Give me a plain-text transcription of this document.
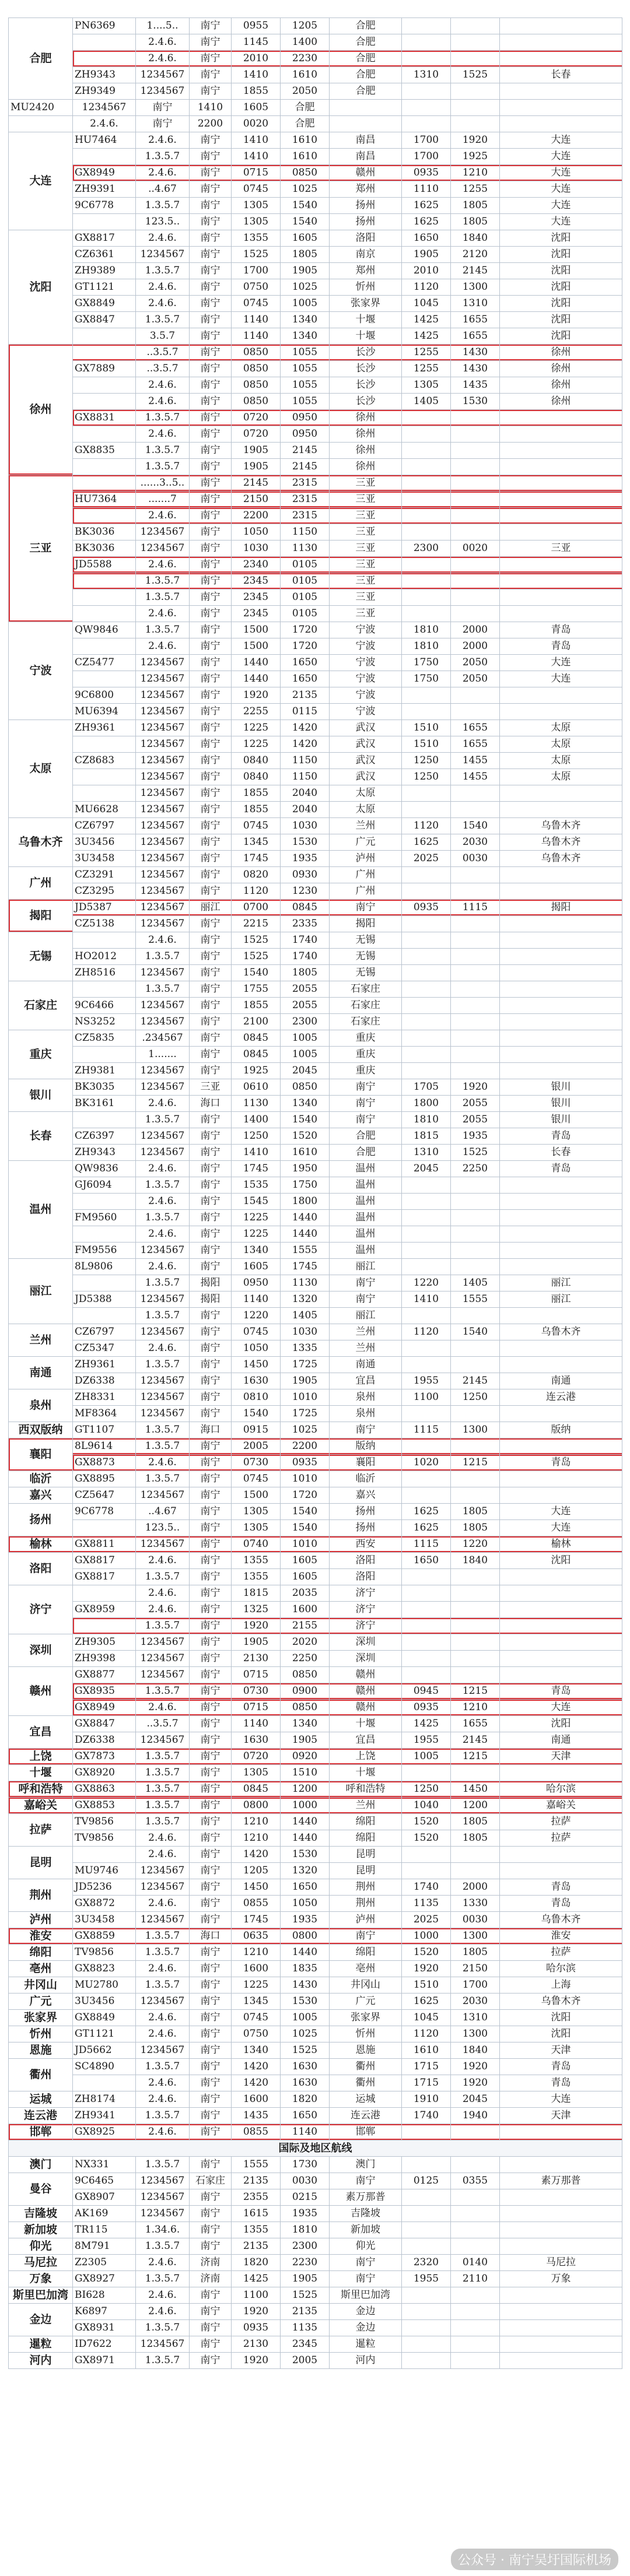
合肥	PN6369	1....5..	南宁	0955	1205	合肥				
		2.4.6.	南宁	1145	1400	合肥				
		2.4.6.	南宁	2010	2230	合肥				
	ZH9343	1234567	南宁	1410	1610	合肥	1310	1525	长春	
	ZH9349	1234567	南宁	1855	2050	合肥				
MU2420	1234567	南宁	1410	1605	合肥					
	2.4.6.	南宁	2200	0020	合肥					
大连	HU7464	2.4.6.	南宁	1410	1610	南昌	1700	1920	大连	
		1.3.5.7	南宁	1410	1610	南昌	1700	1925	大连	
	GX8949	2.4.6.	南宁	0715	0850	赣州	0935	1210	大连	
	ZH9391	..4.67	南宁	0745	1025	郑州	1110	1255	大连	
	9C6778	1.3.5.7	南宁	1305	1540	扬州	1625	1805	大连	
		123.5..	南宁	1305	1540	扬州	1625	1805	大连	
沈阳	GX8817	2.4.6.	南宁	1355	1605	洛阳	1650	1840	沈阳	
	CZ6361	1234567	南宁	1525	1805	南京	1905	2120	沈阳	
	ZH9389	1.3.5.7	南宁	1700	1905	郑州	2010	2145	沈阳	
	GT1121	2.4.6.	南宁	0750	1025	忻州	1120	1300	沈阳	
	GX8849	2.4.6.	南宁	0745	1005	张家界	1045	1310	沈阳	
	GX8847	1.3.5.7	南宁	1140	1340	十堰	1425	1655	沈阳	
		3.5.7	南宁	1140	1340	十堰	1425	1655	沈阳	
徐州		..3.5.7	南宁	0850	1055	长沙	1255	1430	徐州	
	GX7889	..3.5.7	南宁	0850	1055	长沙	1255	1430	徐州	
		2.4.6.	南宁	0850	1055	长沙	1305	1435	徐州	
		2.4.6.	南宁	0850	1055	长沙	1405	1530	徐州	
	GX8831	1.3.5.7	南宁	0720	0950	徐州				
		2.4.6.	南宁	0720	0950	徐州				
	GX8835	1.3.5.7	南宁	1905	2145	徐州				
		1.3.5.7	南宁	1905	2145	徐州				
三亚		......3..5..	南宁	2145	2315	三亚				
	HU7364	.......7	南宁	2150	2315	三亚				
		2.4.6.	南宁	2200	2315	三亚				
	BK3036	1234567	南宁	1050	1150	三亚				
	BK3036	1234567	南宁	1030	1130	三亚	2300	0020	三亚	
	JD5588	2.4.6.	南宁	2340	0105	三亚				
		1.3.5.7	南宁	2345	0105	三亚				
		1.3.5.7	南宁	2345	0105	三亚				
		2.4.6.	南宁	2345	0105	三亚				
宁波	QW9846	1.3.5.7	南宁	1500	1720	宁波	1810	2000	青岛	
		2.4.6.	南宁	1500	1720	宁波	1810	2000	青岛	
	CZ5477	1234567	南宁	1440	1650	宁波	1750	2050	大连	
		1234567	南宁	1440	1650	宁波	1750	2050	大连	
	9C6800	1234567	南宁	1920	2135	宁波				
	MU6394	1234567	南宁	2255	0115	宁波				
太原	ZH9361	1234567	南宁	1225	1420	武汉	1510	1655	太原	
		1234567	南宁	1225	1420	武汉	1510	1655	太原	
	CZ8683	1234567	南宁	0840	1150	武汉	1250	1455	太原	
		1234567	南宁	0840	1150	武汉	1250	1455	太原	
		1234567	南宁	1855	2040	太原				
	MU6628	1234567	南宁	1855	2040	太原				
乌鲁木齐	CZ6797	1234567	南宁	0745	1030	兰州	1120	1540	乌鲁木齐	
	3U3456	1234567	南宁	1345	1530	广元	1625	2030	乌鲁木齐	
	3U3458	1234567	南宁	1745	1935	泸州	2025	0030	乌鲁木齐	
广州	CZ3291	1234567	南宁	0820	0930	广州				
	CZ3295	1234567	南宁	1120	1230	广州				
揭阳	JD5387	1234567	丽江	0700	0845	南宁	0935	1115	揭阳	
	CZ5138	1234567	南宁	2215	2335	揭阳				
无锡		2.4.6.	南宁	1525	1740	无锡				
	HO2012	1.3.5.7	南宁	1525	1740	无锡				
	ZH8516	1234567	南宁	1540	1805	无锡				
石家庄		1.3.5.7	南宁	1755	2055	石家庄				
	9C6466	1234567	南宁	1855	2055	石家庄				
	NS3252	1234567	南宁	2100	2300	石家庄				
重庆	CZ5835	.234567	南宁	0845	1005	重庆				
		1.......	南宁	0845	1005	重庆				
	ZH9381	1234567	南宁	1925	2045	重庆				
银川	BK3035	1234567	三亚	0610	0850	南宁	1705	1920	银川	
	BK3161	2.4.6.	海口	1130	1340	南宁	1800	2055	银川	
长春		1.3.5.7	南宁	1400	1540	南宁	1810	2055	银川	
	CZ6397	1234567	南宁	1250	1520	合肥	1815	1935	青岛	
	ZH9343	1234567	南宁	1410	1610	合肥	1310	1525	长春	
温州	QW9836	2.4.6.	南宁	1745	1950	温州	2045	2250	青岛	
	GJ6094	1.3.5.7	南宁	1535	1750	温州				
		2.4.6.	南宁	1545	1800	温州				
	FM9560	1.3.5.7	南宁	1225	1440	温州				
		2.4.6.	南宁	1225	1440	温州				
	FM9556	1234567	南宁	1340	1555	温州				
丽江	8L9806	2.4.6.	南宁	1605	1745	丽江				
		1.3.5.7	揭阳	0950	1130	南宁	1220	1405	丽江	
	JD5388	1234567	揭阳	1140	1320	南宁	1410	1555	丽江	
		1.3.5.7	南宁	1220	1405	丽江				
兰州	CZ6797	1234567	南宁	0745	1030	兰州	1120	1540	乌鲁木齐	
	CZ5347	2.4.6.	南宁	1050	1335	兰州				
南通	ZH9361	1.3.5.7	南宁	1450	1725	南通				
	DZ6338	1234567	南宁	1630	1905	宜昌	1955	2145	南通	
泉州	ZH8331	1234567	南宁	0810	1010	泉州	1100	1250	连云港	
	MF8364	1234567	南宁	1540	1725	泉州				
西双版纳	GT1107	1.3.5.7	海口	0915	1025	南宁	1115	1300	版纳	
襄阳	8L9614	1.3.5.7	南宁	2005	2200	版纳				
	GX8873	2.4.6.	南宁	0730	0935	襄阳	1020	1215	青岛	
临沂	GX8895	1.3.5.7	南宁	0745	1010	临沂				
嘉兴	CZ5647	1234567	南宁	1500	1720	嘉兴				
扬州	9C6778	..4.67	南宁	1305	1540	扬州	1625	1805	大连	
		123.5..	南宁	1305	1540	扬州	1625	1805	大连	
榆林	GX8811	1234567	南宁	0740	1010	西安	1115	1220	榆林	
洛阳	GX8817	2.4.6.	南宁	1355	1605	洛阳	1650	1840	沈阳	
	GX8817	1.3.5.7	南宁	1355	1605	洛阳				
济宁		2.4.6.	南宁	1815	2035	济宁				
	GX8959	2.4.6.	南宁	1325	1600	济宁				
		1.3.5.7	南宁	1920	2155	济宁				
深圳	ZH9305	1234567	南宁	1905	2020	深圳				
	ZH9398	1234567	南宁	2130	2250	深圳				
赣州	GX8877	1234567	南宁	0715	0850	赣州				
	GX8935	1.3.5.7	南宁	0730	0900	赣州	0945	1215	青岛	
	GX8949	2.4.6.	南宁	0715	0850	赣州	0935	1210	大连	
宜昌	GX8847	..3.5.7	南宁	1140	1340	十堰	1425	1655	沈阳	
	DZ6338	1234567	南宁	1630	1905	宜昌	1955	2145	南通	
上饶	GX7873	1.3.5.7	南宁	0720	0920	上饶	1005	1215	天津	
十堰	GX8920	1.3.5.7	南宁	1305	1510	十堰				
呼和浩特	GX8863	1.3.5.7	南宁	0845	1200	呼和浩特	1250	1450	哈尔滨	
嘉峪关	GX8853	1.3.5.7	南宁	0800	1000	兰州	1040	1200	嘉峪关	
拉萨	TV9856	1.3.5.7	南宁	1210	1440	绵阳	1520	1805	拉萨	
	TV9856	2.4.6.	南宁	1210	1440	绵阳	1520	1805	拉萨	
昆明		2.4.6.	南宁	1420	1530	昆明				
	MU9746	1234567	南宁	1205	1320	昆明				
荆州	JD5236	1234567	南宁	1450	1650	荆州	1740	2000	青岛	
	GX8872	2.4.6.	南宁	0855	1050	荆州	1135	1330	青岛	
泸州	3U3458	1234567	南宁	1745	1935	泸州	2025	0030	乌鲁木齐	
淮安	GX8859	1.3.5.7	海口	0635	0800	南宁	1000	1300	淮安	
绵阳	TV9856	1.3.5.7	南宁	1210	1440	绵阳	1520	1805	拉萨	
亳州	GX8823	2.4.6.	南宁	1600	1835	亳州	1920	2150	哈尔滨	
井冈山	MU2780	1.3.5.7	南宁	1225	1430	井冈山	1510	1700	上海	
广元	3U3456	1234567	南宁	1345	1530	广元	1625	2030	乌鲁木齐	
张家界	GX8849	2.4.6.	南宁	0745	1005	张家界	1045	1310	沈阳	
忻州	GT1121	2.4.6.	南宁	0750	1025	忻州	1120	1300	沈阳	
恩施	JD5662	1234567	南宁	1340	1525	恩施	1610	1840	天津	
衢州	SC4890	1.3.5.7	南宁	1420	1630	衢州	1715	1920	青岛	
		2.4.6.	南宁	1420	1630	衢州	1715	1920	青岛	
运城	ZH8174	2.4.6.	南宁	1600	1820	运城	1910	2045	大连	
连云港	ZH9341	1.3.5.7	南宁	1435	1650	连云港	1740	1940	天津	
邯郸	GX8925	2.4.6.	南宁	0855	1140	邯郸				
国际及地区航线										
澳门	NX331	1.3.5.7	南宁	1555	1730	澳门				
曼谷	9C6465	1234567	石家庄	2135	0030	南宁	0125	0355	素万那普	
	GX8907	1234567	南宁	2355	0215	素万那普				
吉隆坡	AK169	1234567	南宁	1615	1935	吉隆坡				
新加坡	TR115	1.34.6.	南宁	1355	1810	新加坡				
仰光	8M791	1.3.5.7	南宁	2135	2300	仰光				
马尼拉	Z2305	2.4.6.	济南	1820	2230	南宁	2320	0140	马尼拉	
万象	GX8927	1.3.5.7	济南	1425	1905	南宁	1955	2110	万象	
斯里巴加湾	BI628	2.4.6.	南宁	1100	1525	斯里巴加湾				
金边	K6897	2.4.6.	南宁	1920	2135	金边				
	GX8931	1.3.5.7	南宁	0935	1135	金边				
暹粒	ID7622	1234567	南宁	2130	2345	暹粒				
河内	GX8971	1.3.5.7	南宁	1920	2005	河内				
公众号 · 南宁吴圩国际机场
